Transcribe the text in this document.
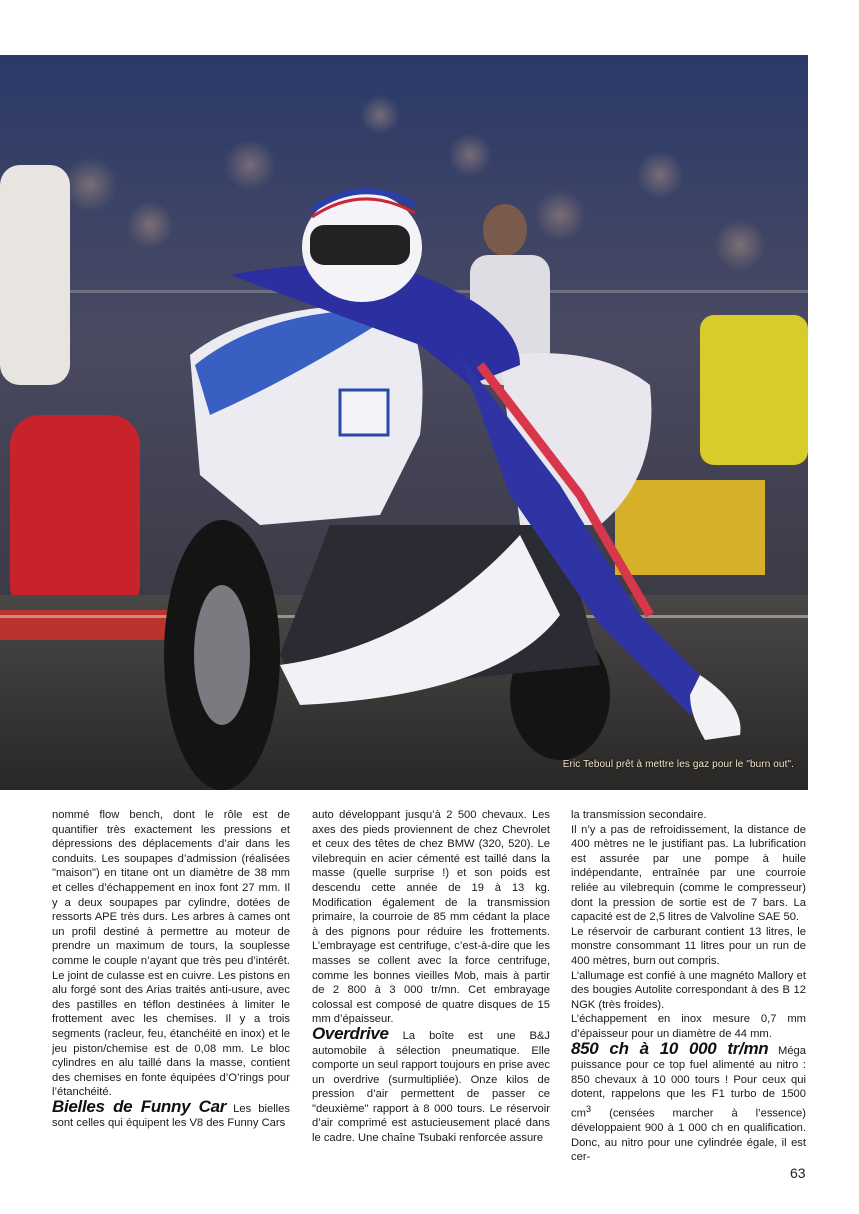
Eric Teboul prêt à mettre les gaz pour le "burn out".

nommé flow bench, dont le rôle est de quantifier très exactement les pressions et dépressions des déplacements d’air dans les conduits. Les soupapes d’admission (réalisées "maison") en titane ont un diamètre de 38 mm et celles d’échappement en inox font 27 mm. Il y a deux soupapes par cylindre, dotées de ressorts APE très durs. Les arbres à cames ont un profil destiné à permettre au moteur de prendre un maximum de tours, la souplesse comme le couple n’ayant que très peu d’intérêt. Le joint de culasse est en cuivre. Les pistons en alu forgé sont des Arias traités anti-usure, avec des pastilles en téflon destinées à limiter le frottement avec les chemises. Il y a trois segments (racleur, feu, étanchéité en inox) et le jeu piston/chemise est de 0,08 mm. Le bloc cylindres en alu taillé dans la masse, contient des chemises en fonte équipées d’O’rings pour l’étanchéité.

Bielles de Funny Car Les bielles sont celles qui équipent les V8 des Funny Cars

auto développant jusqu’à 2 500 chevaux. Les axes des pieds proviennent de chez Chevrolet et ceux des têtes de chez BMW (320, 520). Le vilebrequin en acier cémenté est taillé dans la masse (quelle surprise !) et son poids est descendu cette année de 19 à 13 kg. Modification également de la transmission primaire, la courroie de 85 mm cédant la place à des pignons pour réduire les frottements. L’embrayage est centrifuge, c’est-à-dire que les masses se collent avec la force centrifuge, comme les bonnes vieilles Mob, mais à partir de 2 800 à 3 000 tr/mn. Cet embrayage colossal est composé de quatre disques de 15 mm d’épaisseur.

Overdrive La boîte est une B&J automobile à sélection pneumatique. Elle comporte un seul rapport toujours en prise avec un overdrive (surmultipliée). Onze kilos de pression d’air permettent de passer ce "deuxième" rapport à 8 000 tours. Le réservoir d’air comprimé est astucieusement placé dans le cadre. Une chaîne Tsubaki renforcée assure

la transmission secondaire.

Il n’y a pas de refroidissement, la distance de 400 mètres ne le justifiant pas. La lubrification est assurée par une pompe à huile indépendante, entraînée par une courroie reliée au vilebrequin (comme le compresseur) dont la pression de sortie est de 7 bars. La capacité est de 2,5 litres de Valvoline SAE 50.

Le réservoir de carburant contient 13 litres, le monstre consommant 11 litres pour un run de 400 mètres, burn out compris.

L’allumage est confié à une magnéto Mallory et des bougies Autolite correspondant à des B 12 NGK (très froides).

L’échappement en inox mesure 0,7 mm d’épaisseur pour un diamètre de 44 mm.

850 ch à 10 000 tr/mn Méga puissance pour ce top fuel alimenté au nitro : 850 chevaux à 10 000 tours ! Pour ceux qui dotent, rappelons que les F1 turbo de 1500 $cm^3$ (censées marcher à l’essence) développaient 900 à 1 000 ch en qualification. Donc, au nitro pour une cylindrée égale, il est cer-

63
